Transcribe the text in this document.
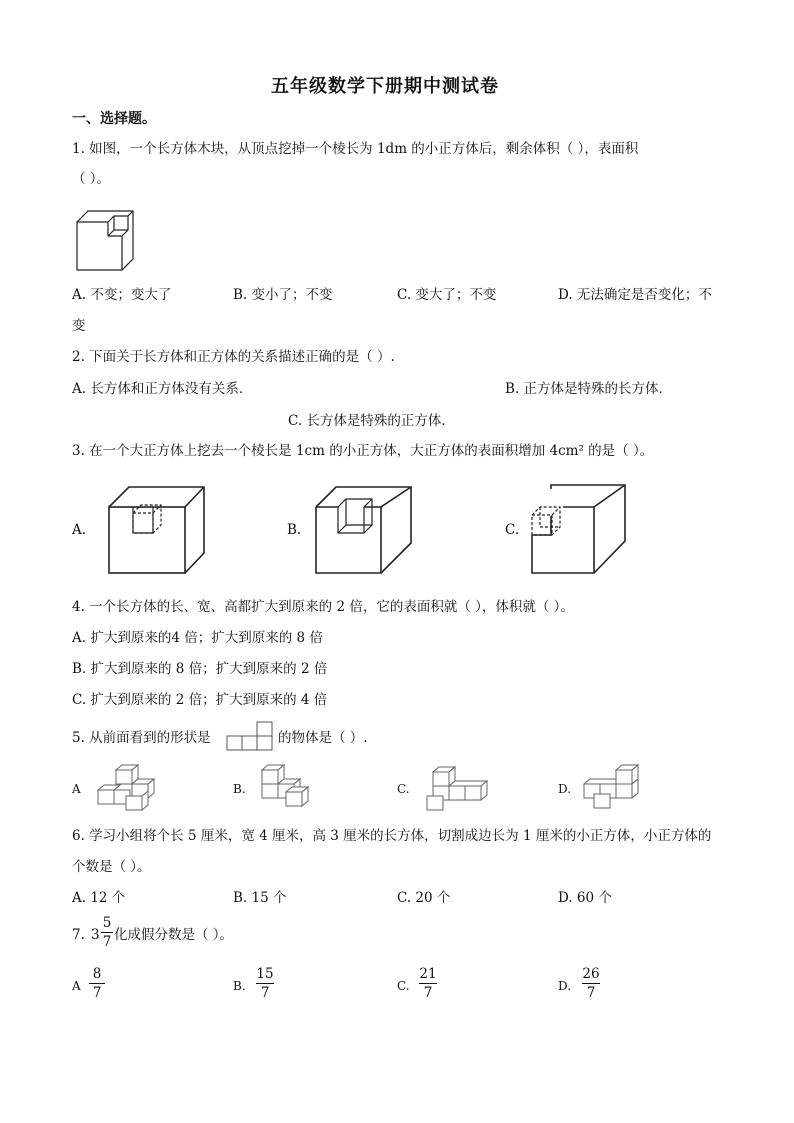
五年级数学下册期中测试卷
一、选择题。
1. 如图，一个长方体木块，从顶点挖掉一个棱长为 1dm 的小正方体后，剩余体积（ ），表面积
（ ）。
A. 不变；变大了	B. 变小了；不变	C. 变大了；不变	D. 无法确定是否变化；不
变
2. 下面关于长方体和正方体的关系描述正确的是（ ）.
A. 长方体和正方体没有关系．	B. 正方体是特殊的长方体．
C. 长方体是特殊的正方体．
3. 在一个大正方体上挖去一个棱长是 1cm 的小正方体，大正方体的表面积增加 4cm² 的是（ ）。
A.	B.	C.
4. 一个长方体的长、宽、高都扩大到原来的 2 倍，它的表面积就（ ），体积就（ ）。
A. 扩大到原来的4 倍；扩大到原来的 8 倍
B. 扩大到原来的 8 倍；扩大到原来的 2 倍
C. 扩大到原来的 2 倍；扩大到原来的 4 倍
5. 从前面看到的形状是	的物体是（ ）.
A	B.	C.	D.
6. 学习小组将个长 5 厘米，宽 4 厘米，高 3 厘米的长方体，切割成边长为 1 厘米的小正方体，小正方体的
个数是（ ）。
A. 12 个	B. 15 个	C. 20 个	D. 60 个
7. 3
5
7 化成假分数是（ ）。
A
8
7	B.
15
7	C.
21
7	D.
26
7
